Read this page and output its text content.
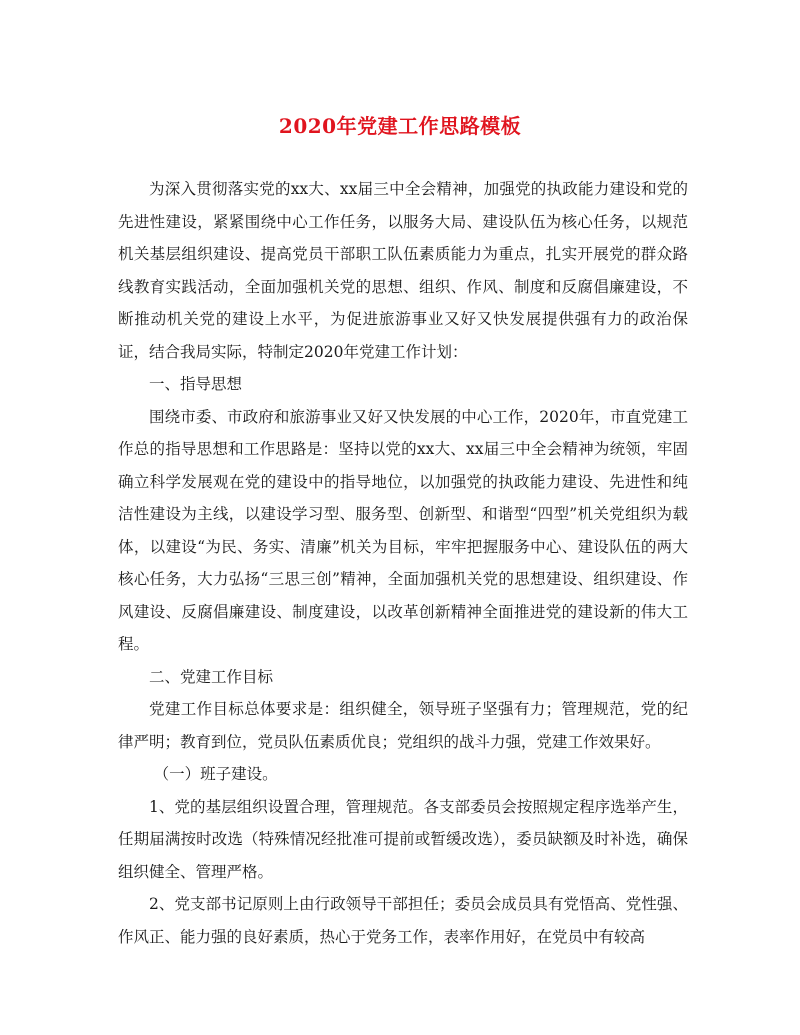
2020年党建工作思路模板

为深入贯彻落实党的xx大、xx届三中全会精神，加强党的执政能力建设和党的先进性建设，紧紧围绕中心工作任务，以服务大局、建设队伍为核心任务，以规范机关基层组织建设、提高党员干部职工队伍素质能力为重点，扎实开展党的群众路线教育实践活动，全面加强机关党的思想、组织、作风、制度和反腐倡廉建设，不断推动机关党的建设上水平，为促进旅游事业又好又快发展提供强有力的政治保证，结合我局实际，特制定2020年党建工作计划：

一、指导思想

围绕市委、市政府和旅游事业又好又快发展的中心工作，2020年，市直党建工作总的指导思想和工作思路是：坚持以党的xx大、xx届三中全会精神为统领，牢固确立科学发展观在党的建设中的指导地位，以加强党的执政能力建设、先进性和纯洁性建设为主线，以建设学习型、服务型、创新型、和谐型“四型”机关党组织为载体，以建设“为民、务实、清廉”机关为目标，牢牢把握服务中心、建设队伍的两大核心任务，大力弘扬“三思三创”精神，全面加强机关党的思想建设、组织建设、作风建设、反腐倡廉建设、制度建设，以改革创新精神全面推进党的建设新的伟大工程。

二、党建工作目标

党建工作目标总体要求是：组织健全，领导班子坚强有力；管理规范，党的纪律严明；教育到位，党员队伍素质优良；党组织的战斗力强，党建工作效果好。

（一）班子建设。

1、党的基层组织设置合理，管理规范。各支部委员会按照规定程序选举产生，任期届满按时改选（特殊情况经批准可提前或暂缓改选），委员缺额及时补选，确保组织健全、管理严格。

2、党支部书记原则上由行政领导干部担任；委员会成员具有党悟高、党性强、作风正、能力强的良好素质，热心于党务工作，表率作用好，在党员中有较高
